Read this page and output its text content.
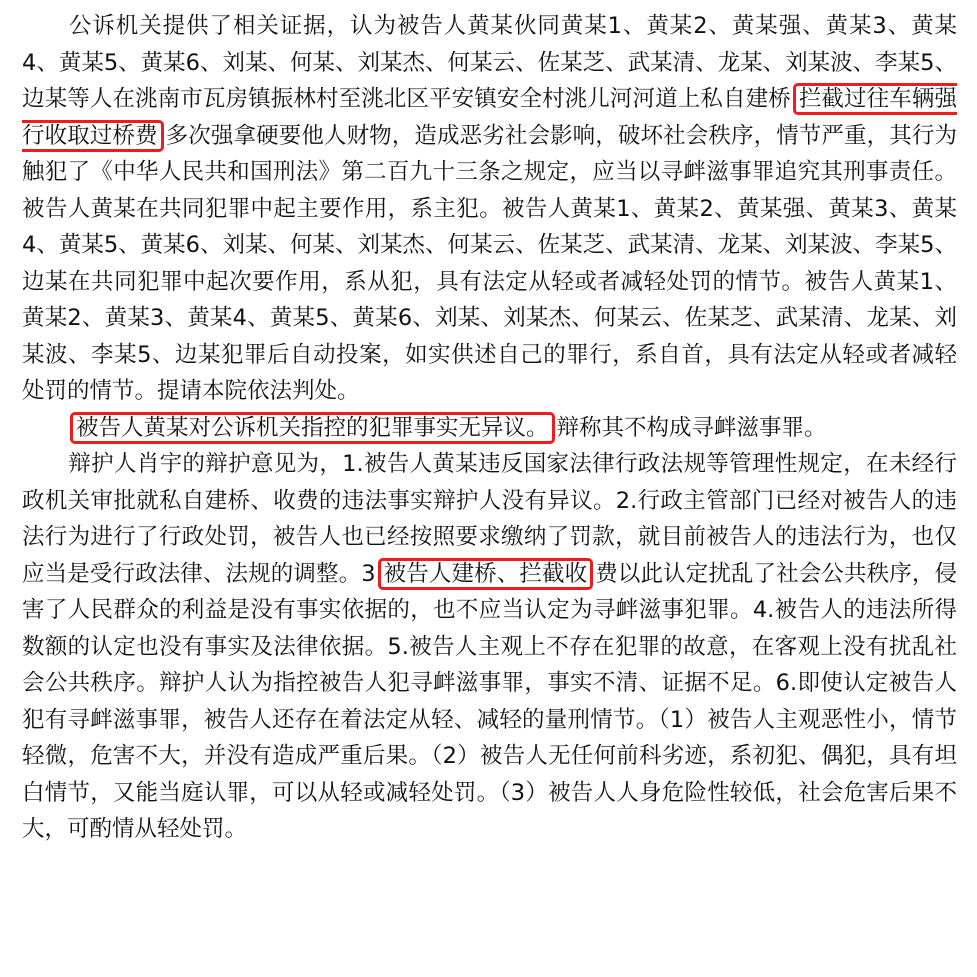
公诉机关提供了相关证据，认为被告人黄某伙同黄某1、黄某2、黄某强、黄某3、黄某4、黄某5、黄某6、刘某、何某、刘某杰、何某云、佐某芝、武某清、龙某、刘某波、李某5、边某等人在洮南市瓦房镇振林村至洮北区平安镇安全村洮儿河河道上私自建桥 拦截过往车辆强行收取过桥费 多次强拿硬要他人财物，造成恶劣社会影响，破坏社会秩序，情节严重，其行为触犯了《中华人民共和国刑法》第二百九十三条之规定，应当以寻衅滋事罪追究其刑事责任。被告人黄某在共同犯罪中起主要作用，系主犯。被告人黄某1、黄某2、黄某强、黄某3、黄某4、黄某5、黄某6、刘某、何某、刘某杰、何某云、佐某芝、武某清、龙某、刘某波、李某5、边某在共同犯罪中起次要作用，系从犯，具有法定从轻或者减轻处罚的情节。被告人黄某1、黄某2、黄某3、黄某4、黄某5、黄某6、刘某、刘某杰、何某云、佐某芝、武某清、龙某、刘某波、李某5、边某犯罪后自动投案，如实供述自己的罪行，系自首，具有法定从轻或者减轻处罚的情节。提请本院依法判处。

被告人黄某对公诉机关指控的犯罪事实无异议。 辩称其不构成寻衅滋事罪。

辩护人肖宇的辩护意见为，1.被告人黄某违反国家法律行政法规等管理性规定，在未经行政机关审批就私自建桥、收费的违法事实辩护人没有异议。2.行政主管部门已经对被告人的违法行为进行了行政处罚，被告人也已经按照要求缴纳了罚款，就目前被告人的违法行为，也仅应当是受行政法律、法规的调整。3 被告人建桥、拦截收 费以此认定扰乱了社会公共秩序，侵害了人民群众的利益是没有事实依据的，也不应当认定为寻衅滋事犯罪。4.被告人的违法所得数额的认定也没有事实及法律依据。5.被告人主观上不存在犯罪的故意，在客观上没有扰乱社会公共秩序。辩护人认为指控被告人犯寻衅滋事罪，事实不清、证据不足。6.即使认定被告人犯有寻衅滋事罪，被告人还存在着法定从轻、减轻的量刑情节。（1）被告人主观恶性小，情节轻微，危害不大，并没有造成严重后果。（2）被告人无任何前科劣迹，系初犯、偶犯，具有坦白情节，又能当庭认罪，可以从轻或减轻处罚。（3）被告人人身危险性较低，社会危害后果不大，可酌情从轻处罚。
